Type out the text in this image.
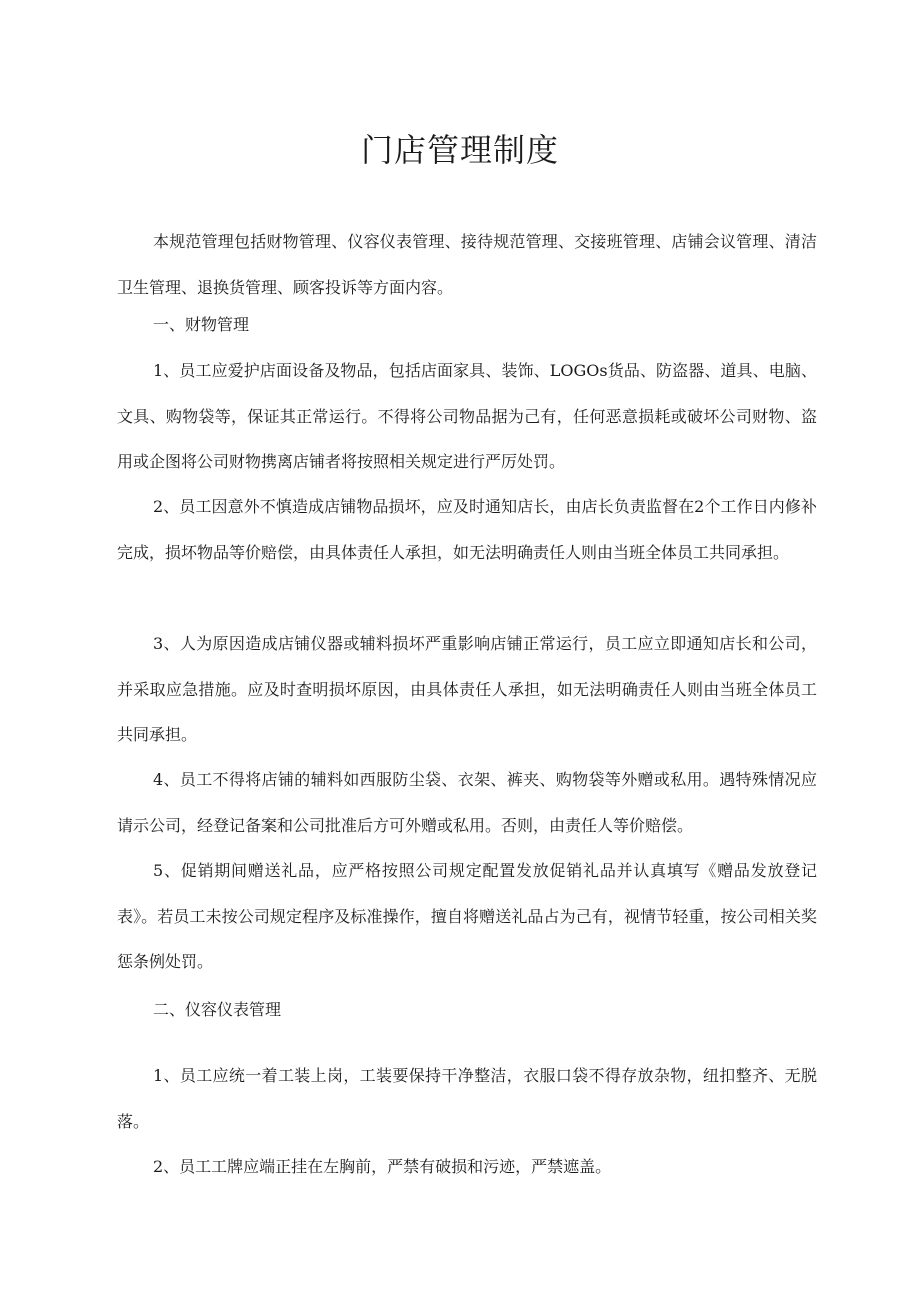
门店管理制度

本规范管理包括财物管理、仪容仪表管理、接待规范管理、交接班管理、店铺会议管理、清洁卫生管理、退换货管理、顾客投诉等方面内容。

一、财物管理

1、员工应爱护店面设备及物品，包括店面家具、装饰、LOGOs货品、防盗器、道具、电脑、文具、购物袋等，保证其正常运行。不得将公司物品据为己有，任何恶意损耗或破坏公司财物、盗用或企图将公司财物携离店铺者将按照相关规定进行严厉处罚。

2、员工因意外不慎造成店铺物品损坏，应及时通知店长，由店长负责监督在2个工作日内修补完成，损坏物品等价赔偿，由具体责任人承担，如无法明确责任人则由当班全体员工共同承担。

3、人为原因造成店铺仪器或辅料损坏严重影响店铺正常运行，员工应立即通知店长和公司，并采取应急措施。应及时查明损坏原因，由具体责任人承担，如无法明确责任人则由当班全体员工共同承担。

4、员工不得将店铺的辅料如西服防尘袋、衣架、裤夹、购物袋等外赠或私用。遇特殊情况应请示公司，经登记备案和公司批准后方可外赠或私用。否则，由责任人等价赔偿。

5、促销期间赠送礼品，应严格按照公司规定配置发放促销礼品并认真填写《赠品发放登记表》。若员工未按公司规定程序及标准操作，擅自将赠送礼品占为己有，视情节轻重，按公司相关奖惩条例处罚。

二、仪容仪表管理

1、员工应统一着工装上岗，工装要保持干净整洁，衣服口袋不得存放杂物，纽扣整齐、无脱落。

2、员工工牌应端正挂在左胸前，严禁有破损和污迹，严禁遮盖。
